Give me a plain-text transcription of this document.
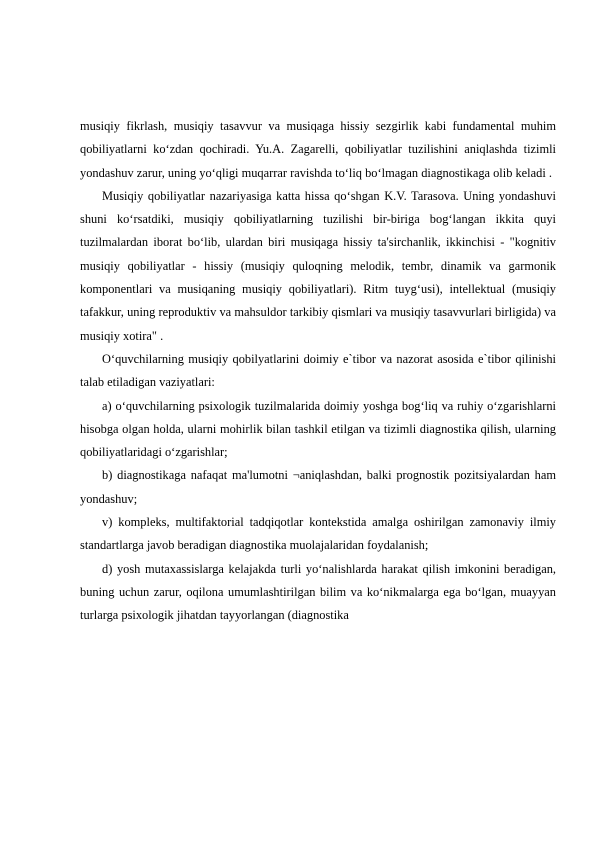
musiqiy fikrlash, musiqiy tasavvur va musiqaga hissiy sezgirlik kabi fundamental muhim qobiliyatlarni ko‘zdan qochiradi. Yu.A. Zagarelli, qobiliyatlar tuzilishini aniqlashda tizimli yondashuv zarur, uning yo‘qligi muqarrar ravishda to‘liq bo‘lmagan diagnostikaga olib keladi .

Musiqiy qobiliyatlar nazariyasiga katta hissa qo‘shgan K.V. Tarasova. Uning yondashuvi shuni ko‘rsatdiki, musiqiy qobiliyatlarning tuzilishi bir-biriga bog‘langan ikkita quyi tuzilmalardan iborat bo‘lib, ulardan biri musiqaga hissiy ta'sirchanlik, ikkinchisi - "kognitiv musiqiy qobiliyatlar - hissiy (musiqiy quloqning melodik, tembr, dinamik va garmonik komponentlari va musiqaning musiqiy qobiliyatlari). Ritm tuyg‘usi), intellektual (musiqiy tafakkur, uning reproduktiv va mahsuldor tarkibiy qismlari va musiqiy tasavvurlari birligida) va musiqiy xotira" .

O‘quvchilarning musiqiy qobilyatlarini doimiy e`tibor va nazorat asosida e`tibor qilinishi talab etiladigan vaziyatlari:

a) o‘quvchilarning psixologik tuzilmalarida doimiy yoshga bog‘liq va ruhiy o‘zgarishlarni hisobga olgan holda, ularni mohirlik bilan tashkil etilgan va tizimli diagnostika qilish, ularning qobiliyatlaridagi o‘zgarishlar;

b) diagnostikaga nafaqat ma'lumotni ¬aniqlashdan, balki prognostik pozitsiyalardan ham yondashuv;

v) kompleks, multifaktorial tadqiqotlar kontekstida amalga oshirilgan zamonaviy ilmiy standartlarga javob beradigan diagnostika muolajalaridan foydalanish;

d) yosh mutaxassislarga kelajakda turli yo‘nalishlarda harakat qilish imkonini beradigan, buning uchun zarur, oqilona umumlashtirilgan bilim va ko‘nikmalarga ega bo‘lgan, muayyan turlarga psixologik jihatdan tayyorlangan (diagnostika
